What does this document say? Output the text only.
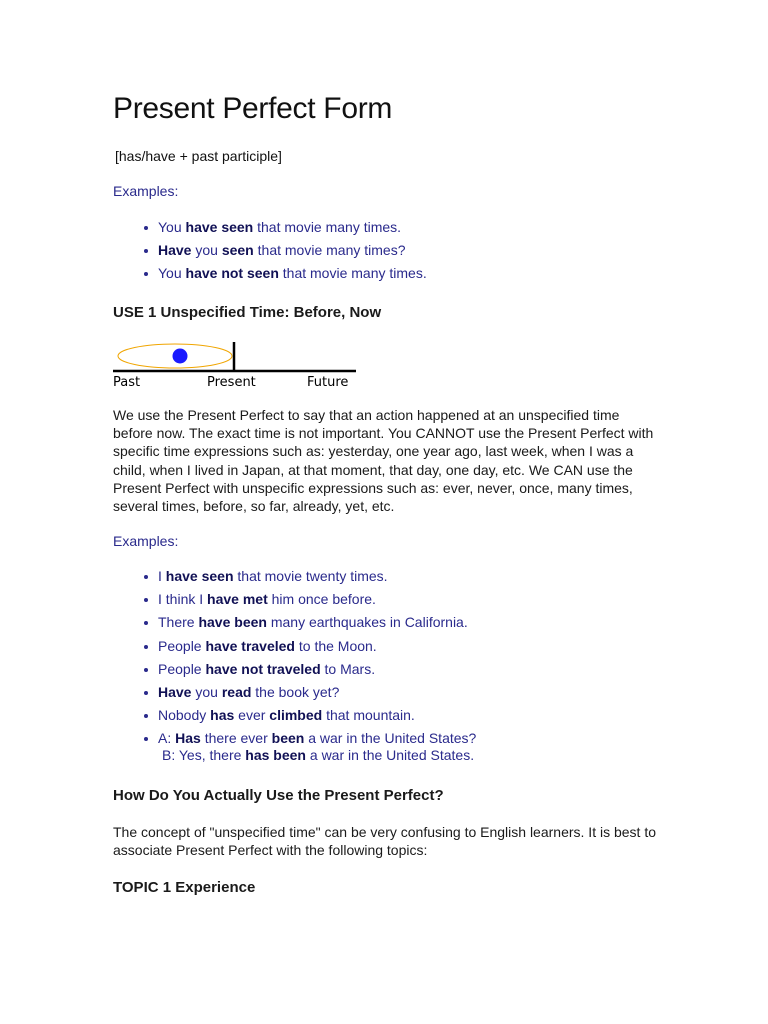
Present Perfect Form
[has/have + past participle]
Examples:
You have seen that movie many times.
Have you seen that movie many times?
You have not seen that movie many times.
USE 1 Unspecified Time: Before, Now
Past	Present	Future

We use the Present Perfect to say that an action happened at an unspecified time before now. The exact time is not important. You CANNOT use the Present Perfect with specific time expressions such as: yesterday, one year ago, last week, when I was a child, when I lived in Japan, at that moment, that day, one day, etc. We CAN use the Present Perfect with unspecific expressions such as: ever, never, once, many times, several times, before, so far, already, yet, etc.

Examples:
I have seen that movie twenty times.
I think I have met him once before.
There have been many earthquakes in California.
People have traveled to the Moon.
People have not traveled to Mars.
Have you read the book yet?
Nobody has ever climbed that mountain.
A: Has there ever been a war in the United States?
B: Yes, there has been a war in the United States.
How Do You Actually Use the Present Perfect?

The concept of "unspecified time" can be very confusing to English learners. It is best to associate Present Perfect with the following topics:

TOPIC 1 Experience
